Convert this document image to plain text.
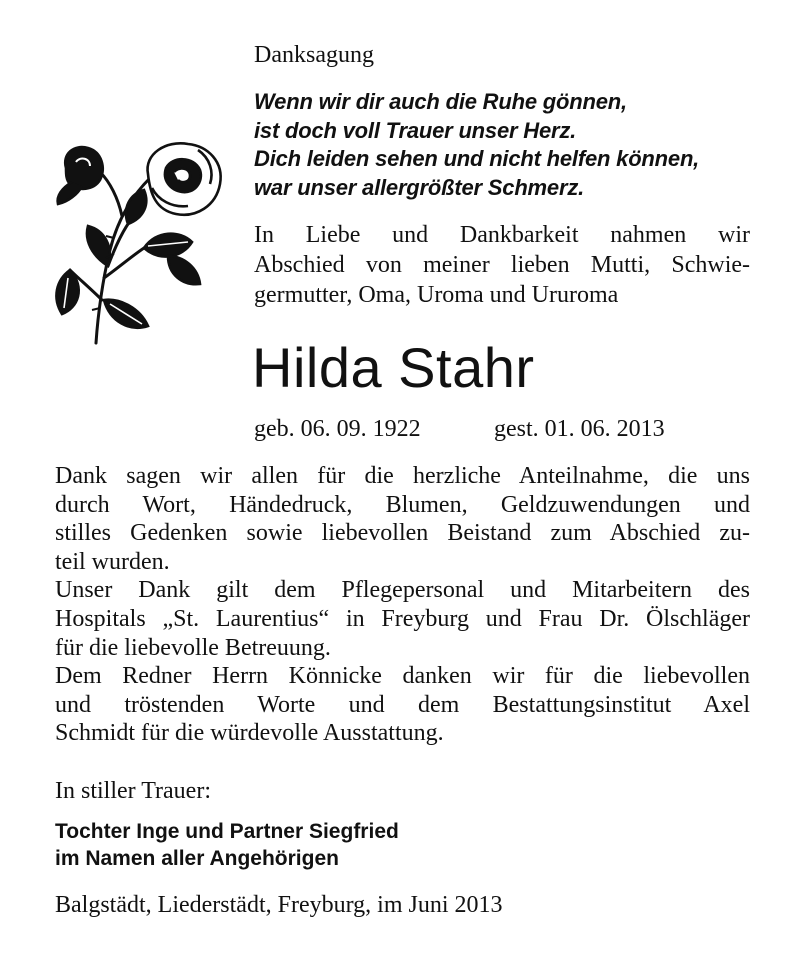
Danksagung
Wenn wir dir auch die Ruhe gönnen,
ist doch voll Trauer unser Herz.
Dich leiden sehen und nicht helfen können,
war unser allergrößter Schmerz.
In Liebe und Dankbarkeit nahmen wir
Abschied von meiner lieben Mutti, Schwie-
germutter, Oma, Uroma und Ururoma
Hilda Stahr
geb. 06. 09. 1922	gest. 01. 06. 2013
Dank sagen wir allen für die herzliche Anteilnahme, die uns
durch Wort, Händedruck, Blumen, Geldzuwendungen und
stilles Gedenken sowie liebevollen Beistand zum Abschied zu-
teil wurden.
Unser Dank gilt dem Pflegepersonal und Mitarbeitern des
Hospitals „St. Laurentius“ in Freyburg und Frau Dr. Ölschläger
für die liebevolle Betreuung.
Dem Redner Herrn Könnicke danken wir für die liebevollen
und tröstenden Worte und dem Bestattungsinstitut Axel
Schmidt für die würdevolle Ausstattung.
In stiller Trauer:
Tochter Inge und Partner Siegfried
im Namen aller Angehörigen
Balgstädt, Liederstädt, Freyburg, im Juni 2013
